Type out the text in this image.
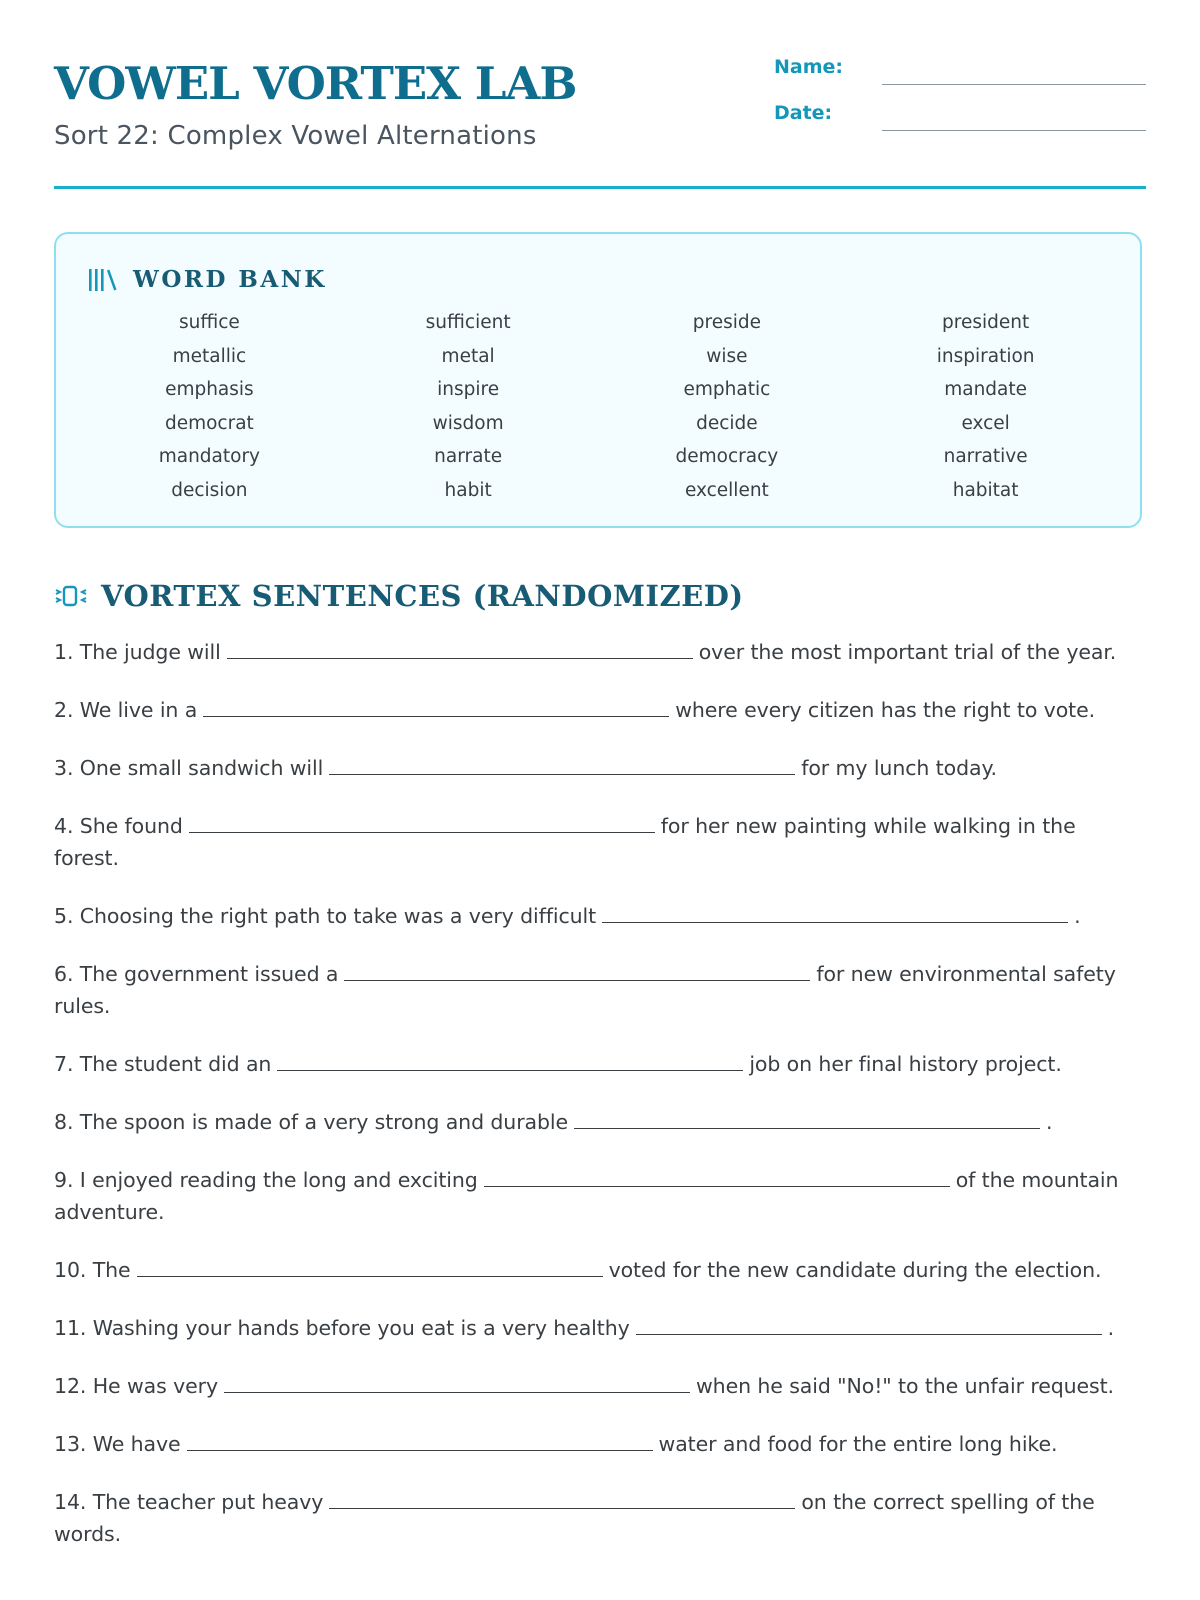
VOWEL VORTEX LAB
Sort 22: Complex Vowel Alternations
Name:
Date:
WORD BANK
suffice	sufficient	preside	president
metallic	metal	wise	inspiration
emphasis	inspire	emphatic	mandate
democrat	wisdom	decide	excel
mandatory	narrate	democracy	narrative
decision	habit	excellent	habitat
VORTEX SENTENCES (RANDOMIZED)
1. The judge will	over the most important trial of the year.
2. We live in a	where every citizen has the right to vote.
3. One small sandwich will	for my lunch today.
4. She found	for her new painting while walking in the forest.
5. Choosing the right path to take was a very difficult	.
6. The government issued a	for new environmental safety rules.
7. The student did an	job on her final history project.
8. The spoon is made of a very strong and durable	.
9. I enjoyed reading the long and exciting	of the mountain adventure.
10. The	voted for the new candidate during the election.
11. Washing your hands before you eat is a very healthy	.
12. He was very	when he said "No!" to the unfair request.
13. We have	water and food for the entire long hike.
14. The teacher put heavy	on the correct spelling of the words.
